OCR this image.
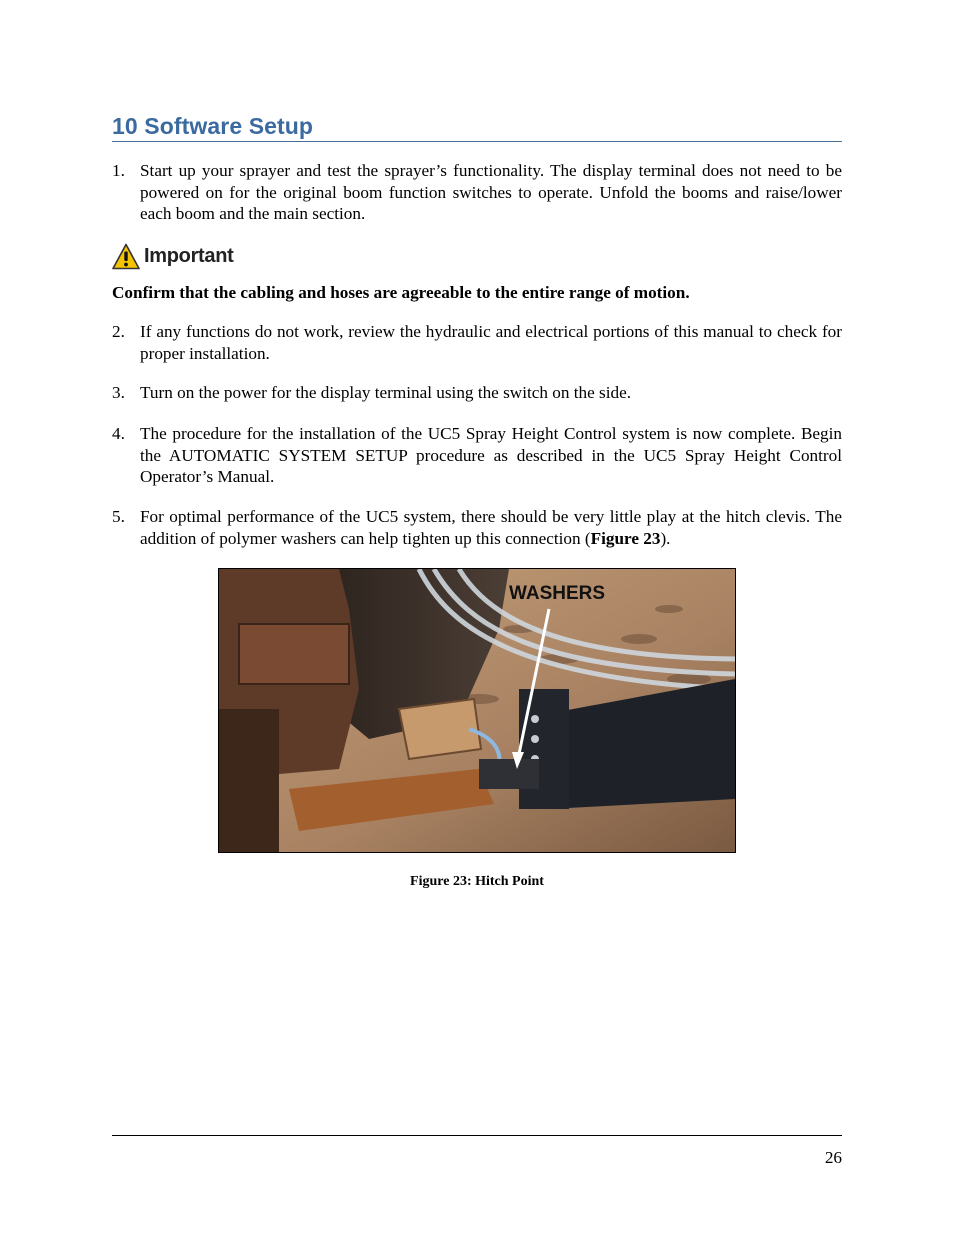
10 Software Setup
1. Start up your sprayer and test the sprayer’s functionality. The display terminal does not need to be powered on for the original boom function switches to operate. Unfold the booms and raise/lower each boom and the main section.
Important
Confirm that the cabling and hoses are agreeable to the entire range of motion.
2. If any functions do not work, review the hydraulic and electrical portions of this manual to check for proper installation.
3. Turn on the power for the display terminal using the switch on the side.
4. The procedure for the installation of the UC5 Spray Height Control system is now complete. Begin the AUTOMATIC SYSTEM SETUP procedure as described in the UC5 Spray Height Control Operator’s Manual.
5. For optimal performance of the UC5 system, there should be very little play at the hitch clevis. The addition of polymer washers can help tighten up this connection (Figure 23).
WASHERS
Figure 23: Hitch Point
26
